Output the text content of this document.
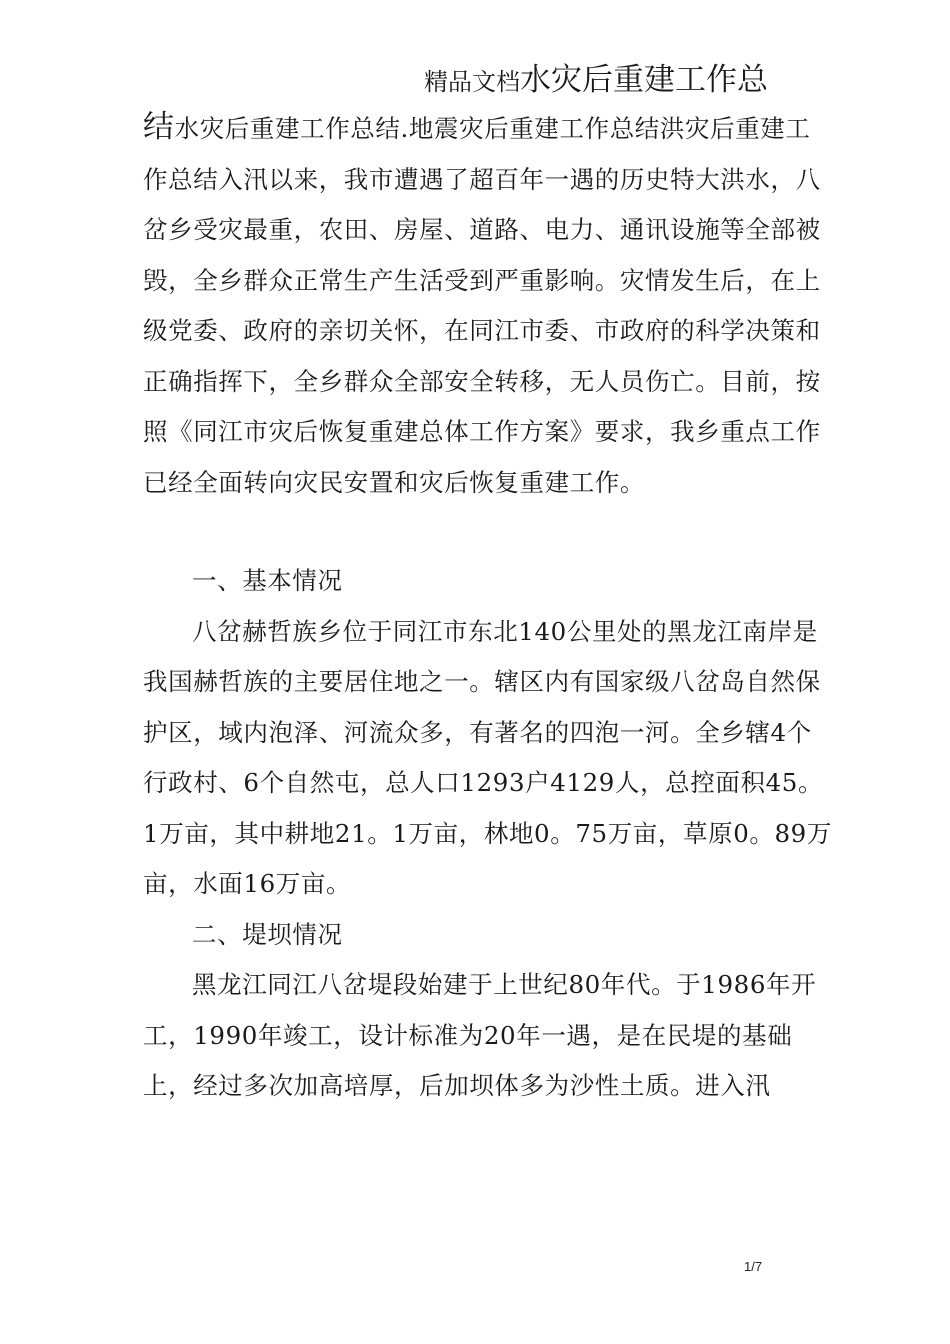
精品文档水灾后重建工作总

结水灾后重建工作总结.地震灾后重建工作总结洪灾后重建工作总结入汛以来，我市遭遇了超百年一遇的历史特大洪水，八岔乡受灾最重，农田、房屋、道路、电力、通讯设施等全部被毁，全乡群众正常生产生活受到严重影响。灾情发生后，在上级党委、政府的亲切关怀，在同江市委、市政府的科学决策和正确指挥下，全乡群众全部安全转移，无人员伤亡。目前，按照《同江市灾后恢复重建总体工作方案》要求，我乡重点工作已经全面转向灾民安置和灾后恢复重建工作。

一、基本情况

八岔赫哲族乡位于同江市东北140公里处的黑龙江南岸是我国赫哲族的主要居住地之一。辖区内有国家级八岔岛自然保护区，域内泡泽、河流众多，有著名的四泡一河。全乡辖4个行政村、6个自然屯，总人口1293户4129人，总控面积45。1万亩，其中耕地21。1万亩，林地0。75万亩，草原0。89万亩，水面16万亩。

二、堤坝情况

黑龙江同江八岔堤段始建于上世纪80年代。于1986年开工，1990年竣工，设计标准为20年一遇，是在民堤的基础上，经过多次加高培厚，后加坝体多为沙性土质。进入汛

1/7
